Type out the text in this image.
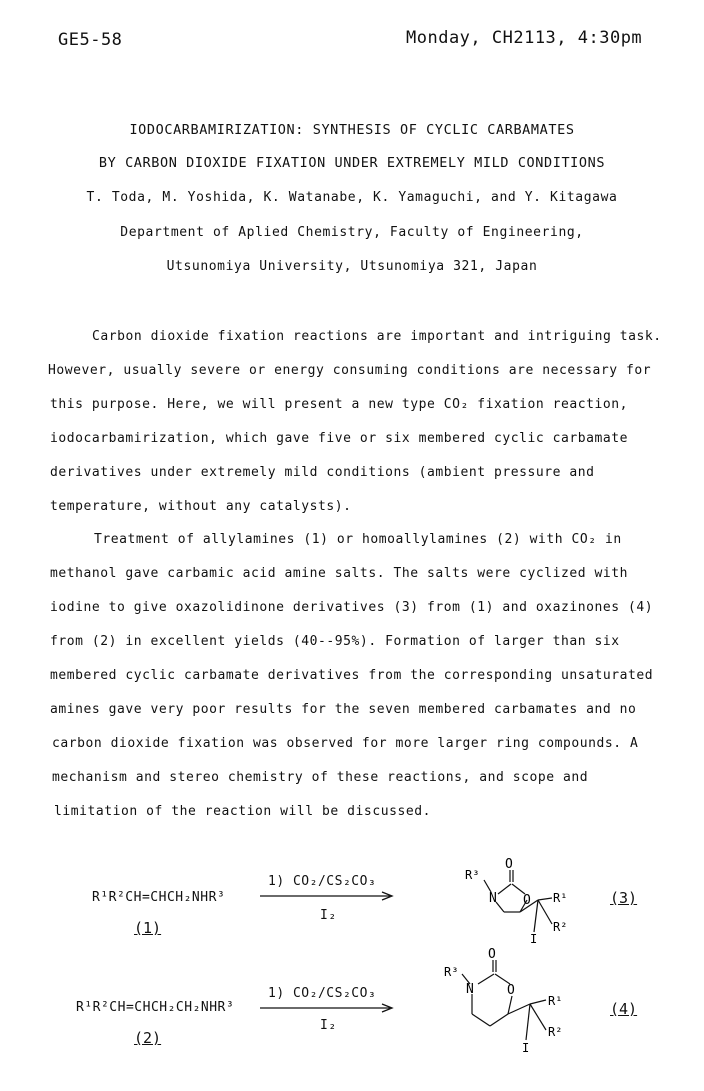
GE5-58	Monday, CH2113, 4:30pm
IODOCARBAMIRIZATION: SYNTHESIS OF CYCLIC CARBAMATES
BY CARBON DIOXIDE FIXATION UNDER EXTREMELY MILD CONDITIONS
T. Toda, M. Yoshida, K. Watanabe, K. Yamaguchi, and Y. Kitagawa
Department of Aplied Chemistry, Faculty of Engineering,
Utsunomiya University, Utsunomiya 321, Japan
Carbon dioxide fixation reactions are important and intriguing task.
However, usually severe or energy consuming conditions are necessary for
this purpose. Here, we will present a new type CO₂ fixation reaction,
iodocarbamirization, which gave five or six membered cyclic carbamate
derivatives under extremely mild conditions (ambient pressure and
temperature, without any catalysts).
Treatment of allylamines (1) or homoallylamines (2) with CO₂ in
methanol gave carbamic acid amine salts. The salts were cyclized with
iodine to give oxazolidinone derivatives (3) from (1) and oxazinones (4)
from (2) in excellent yields (40--95%). Formation of larger than six
membered cyclic carbamate derivatives from the corresponding unsaturated
amines gave very poor results for the seven membered carbamates and no
carbon dioxide fixation was observed for more larger ring compounds. A
mechanism and stereo chemistry of these reactions, and scope and
limitation of the reaction will be discussed.
R¹R²CH=CHCH₂NHR³
(1)
1) CO₂/CS₂CO₃
I₂
O
R³
N O R¹
R²
I
(3)
R¹R²CH=CHCH₂CH₂NHR³
(2)
1) CO₂/CS₂CO₃
I₂
O
R³
N	O
R¹
R²
I
(4)
